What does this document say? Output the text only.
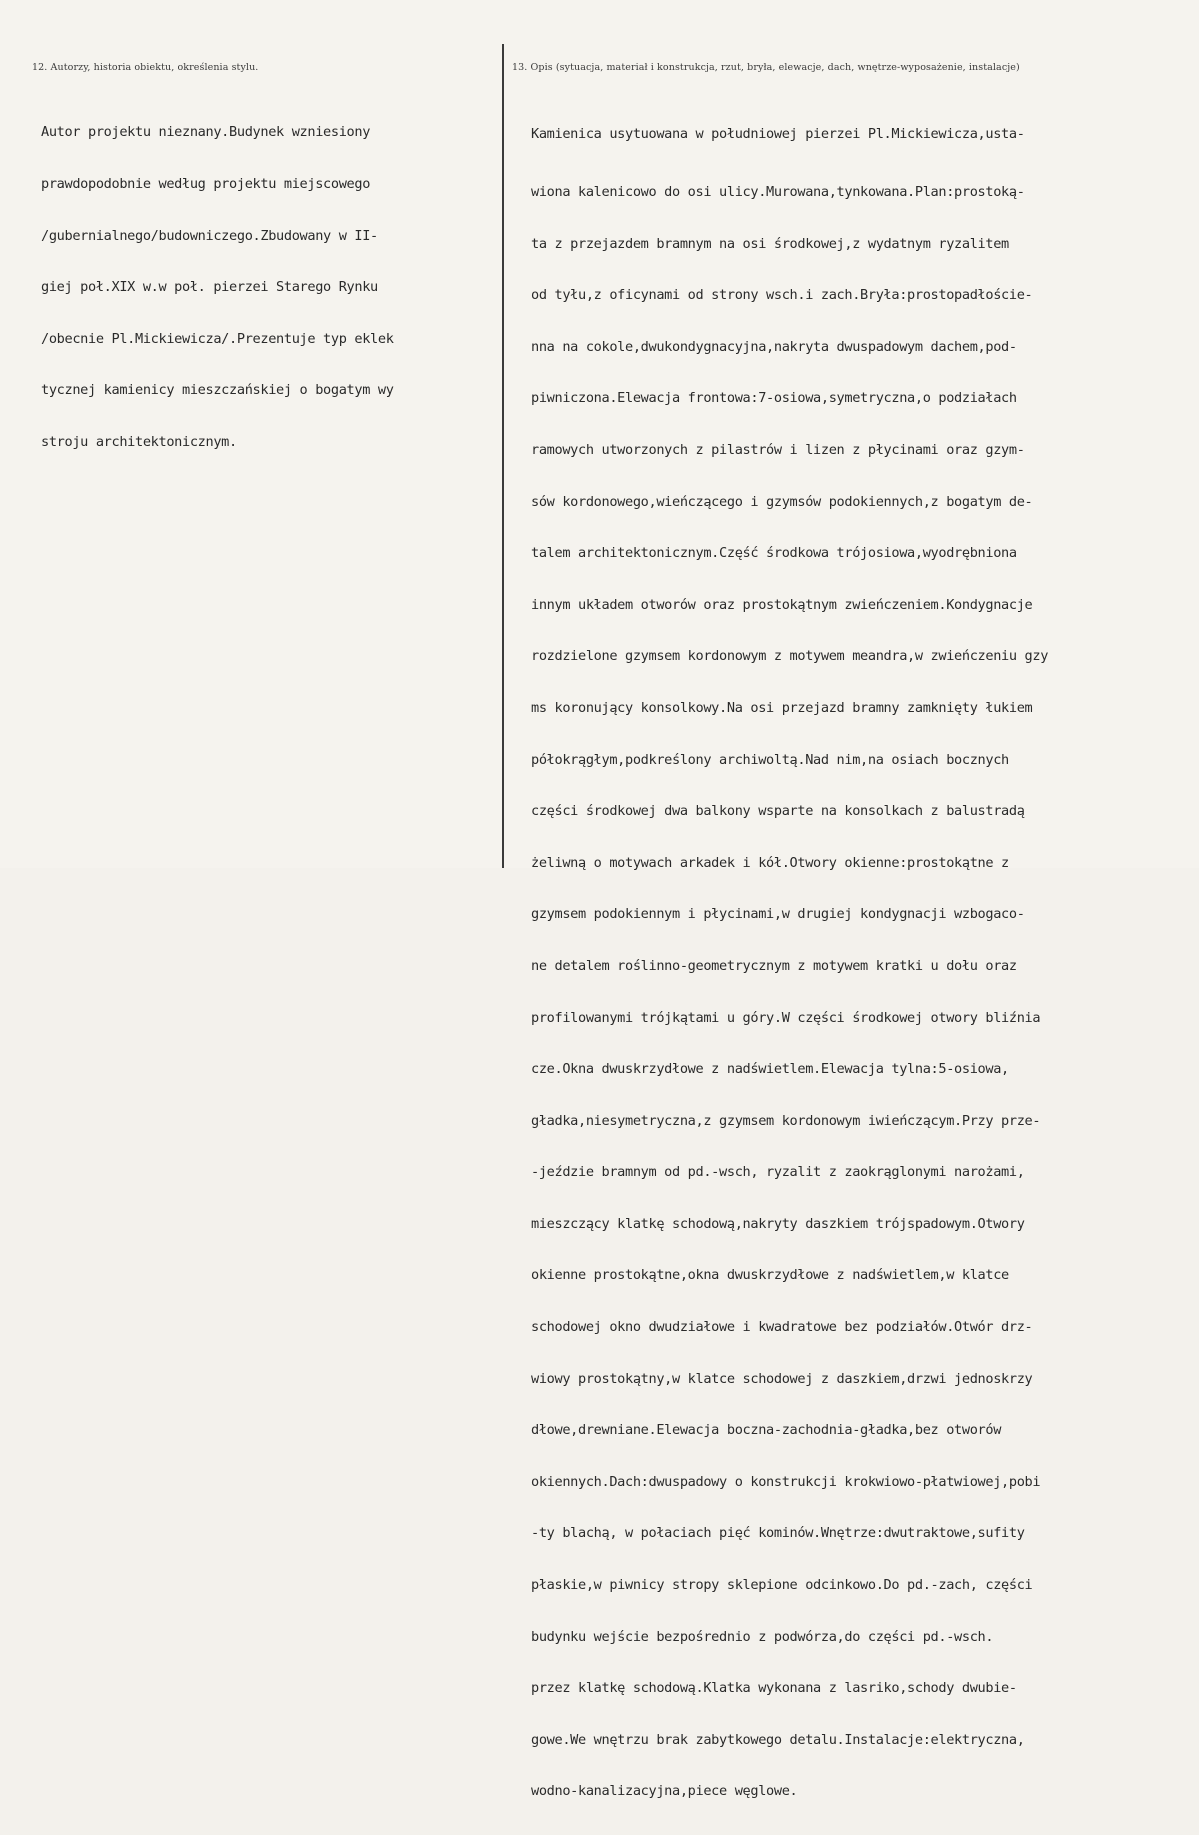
12. Autorzy, historia obiektu, określenia stylu.	13. Opis (sytuacja, materiał i konstrukcja, rzut, bryła, elewacje, dach, wnętrze-wyposażenie, instalacje)

Autor projektu nieznany.Budynek wzniesiony

prawdopodobnie według projektu miejscowego

/gubernialnego/budowniczego.Zbudowany w II-

giej poł.XIX w.w poł. pierzei Starego Rynku

/obecnie Pl.Mickiewicza/.Prezentuje typ eklek

tycznej kamienicy mieszczańskiej o bogatym wy

stroju architektonicznym.

Kamienica usytuowana w południowej pierzei Pl.Mickiewicza,usta-

wiona kalenicowo do osi ulicy.Murowana,tynkowana.Plan:prostoką-

ta z przejazdem bramnym na osi środkowej,z wydatnym ryzalitem

od tyłu,z oficynami od strony wsch.i zach.Bryła:prostopadłoście-

nna na cokole,dwukondygnacyjna,nakryta dwuspadowym dachem,pod-

piwniczona.Elewacja frontowa:7-osiowa,symetryczna,o podziałach

ramowych utworzonych z pilastrów i lizen z płycinami oraz gzym-

sów kordonowego,wieńczącego i gzymsów podokiennych,z bogatym de-

talem architektonicznym.Część środkowa trójosiowa,wyodrębniona

innym układem otworów oraz prostokątnym zwieńczeniem.Kondygnacje

rozdzielone gzymsem kordonowym z motywem meandra,w zwieńczeniu gzy

ms koronujący konsolkowy.Na osi przejazd bramny zamknięty łukiem

półokrągłym,podkreślony archiwoltą.Nad nim,na osiach bocznych

części środkowej dwa balkony wsparte na konsolkach z balustradą

żeliwną o motywach arkadek i kół.Otwory okienne:prostokątne z

gzymsem podokiennym i płycinami,w drugiej kondygnacji wzbogaco-

ne detalem roślinno-geometrycznym z motywem kratki u dołu oraz

profilowanymi trójkątami u góry.W części środkowej otwory bliźnia

cze.Okna dwuskrzydłowe z nadświetlem.Elewacja tylna:5-osiowa,

gładka,niesymetryczna,z gzymsem kordonowym iwieńczącym.Przy prze-

-jeździe bramnym od pd.-wsch, ryzalit z zaokrąglonymi narożami,

mieszczący klatkę schodową,nakryty daszkiem trójspadowym.Otwory

okienne prostokątne,okna dwuskrzydłowe z nadświetlem,w klatce

schodowej okno dwudziałowe i kwadratowe bez podziałów.Otwór drz-

wiowy prostokątny,w klatce schodowej z daszkiem,drzwi jednoskrzy

dłowe,drewniane.Elewacja boczna-zachodnia-gładka,bez otworów

okiennych.Dach:dwuspadowy o konstrukcji krokwiowo-płatwiowej,pobi

-ty blachą, w połaciach pięć kominów.Wnętrze:dwutraktowe,sufity

płaskie,w piwnicy stropy sklepione odcinkowo.Do pd.-zach, części

budynku wejście bezpośrednio z podwórza,do części pd.-wsch.

przez klatkę schodową.Klatka wykonana z lasriko,schody dwubie-

gowe.We wnętrzu brak zabytkowego detalu.Instalacje:elektryczna,

wodno-kanalizacyjna,piece węglowe.
